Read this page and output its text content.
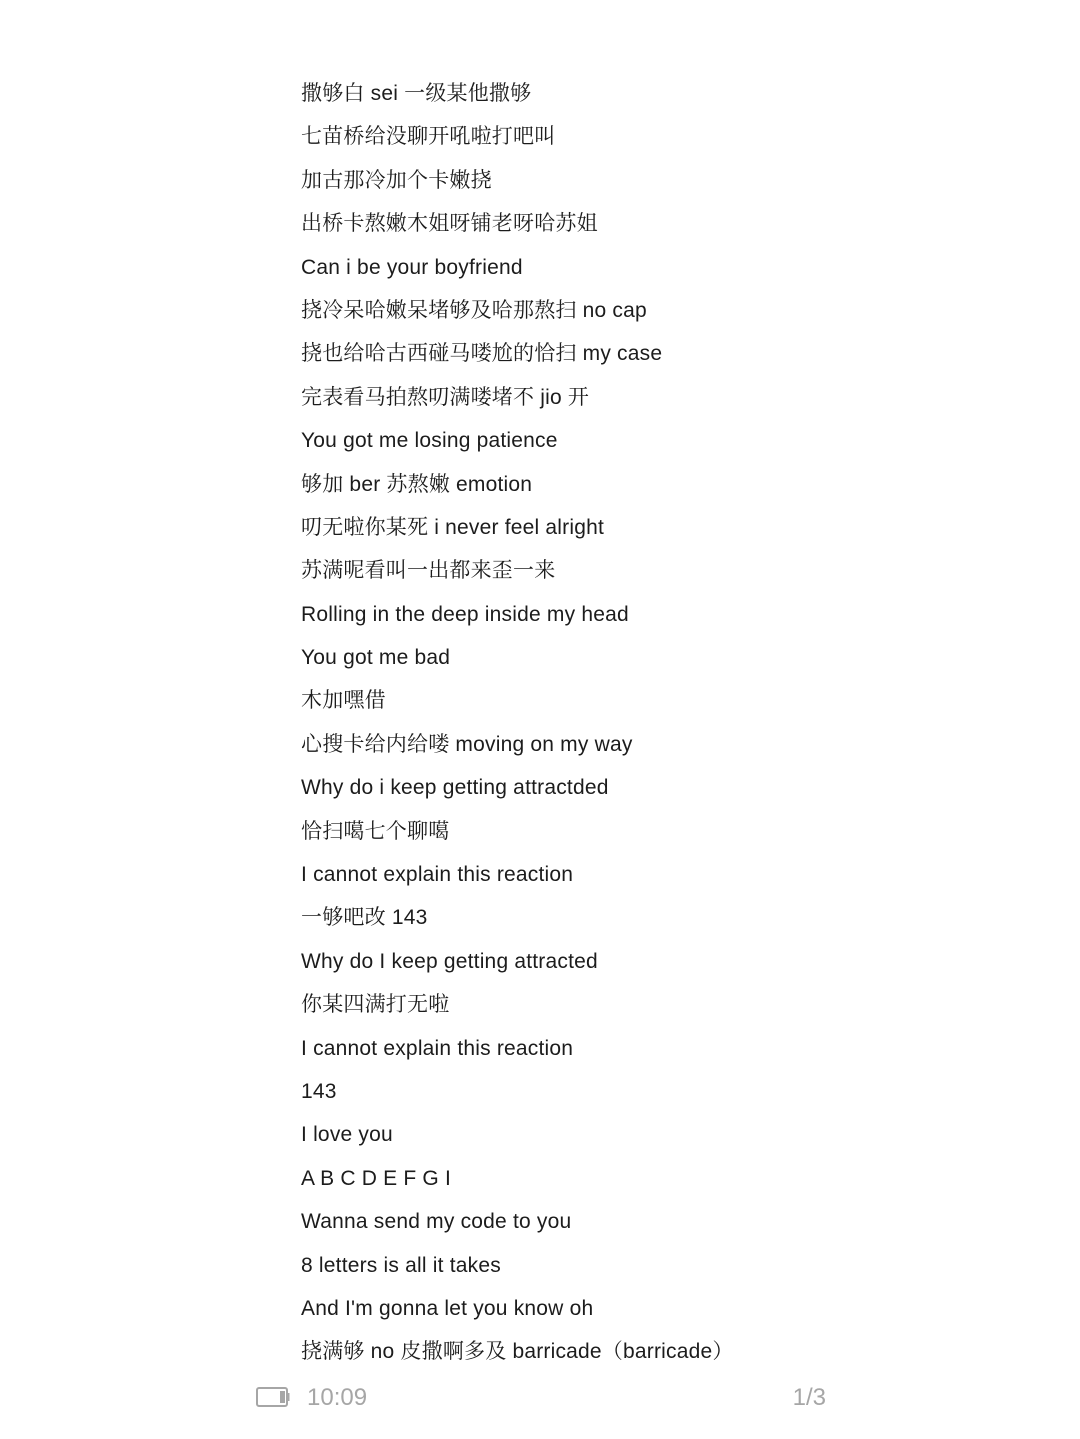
撒够白 sei 一级某他撒够
七苗桥给没聊开吼啦打吧叫
加古那冷加个卡嫩挠
出桥卡熬嫩木姐呀铺老呀哈苏姐
Can i be your boyfriend
挠冷呆哈嫩呆堵够及哈那熬扫 no cap
挠也给哈古西碰马喽尬的恰扫 my case
完表看马拍熬叨满喽堵不 jio 开
You got me losing patience
够加 ber 苏熬嫩 emotion
叨无啦你某死 i never feel alright
苏满呢看叫一出都来歪一来
Rolling in the deep inside my head
You got me bad
木加嘿借
心搜卡给内给喽 moving on my way
Why do i keep getting attractded
恰扫噶七个聊噶
I cannot explain this reaction
一够吧改 143
Why do I keep getting attracted
你某四满打无啦
I cannot explain this reaction
143
I love you
A B C D E F G I
Wanna send my code to you
8 letters is all it takes
And I'm gonna let you know oh
挠满够 no 皮撒啊多及 barricade（barricade）
10:09	1/3
